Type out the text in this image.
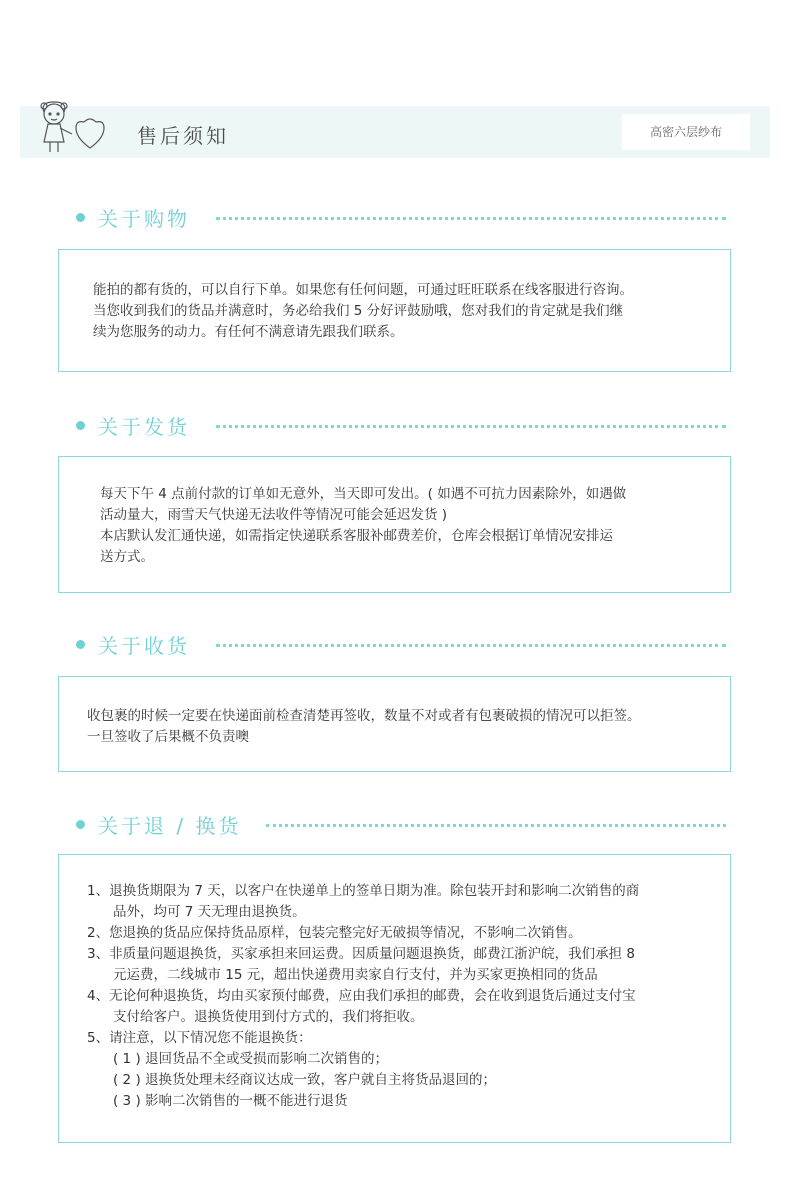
售后须知	高密六层纱布
关于购物

能拍的都有货的，可以自行下单。如果您有任何问题，可通过旺旺联系在线客服进行咨询。

当您收到我们的货品并满意时，务必给我们 5 分好评鼓励哦，您对我们的肯定就是我们继

续为您服务的动力。有任何不满意请先跟我们联系。

关于发货

每天下午 4 点前付款的订单如无意外，当天即可发出。( 如遇不可抗力因素除外，如遇做

活动量大，雨雪天气快递无法收件等情况可能会延迟发货 )

本店默认发汇通快递，如需指定快递联系客服补邮费差价，仓库会根据订单情况安排运

送方式。

关于收货

收包裹的时候一定要在快递面前检查清楚再签收，数量不对或者有包裹破损的情况可以拒签。

一旦签收了后果概不负责噢

关于退 / 换货

1、退换货期限为 7 天，以客户在快递单上的签单日期为准。除包装开封和影响二次销售的商

品外，均可 7 天无理由退换货。

2、您退换的货品应保持货品原样，包装完整完好无破损等情况，不影响二次销售。

3、非质量问题退换货，买家承担来回运费。因质量问题退换货，邮费江浙沪皖，我们承担 8

元运费，二线城市 15 元，超出快递费用卖家自行支付，并为买家更换相同的货品

4、无论何种退换货，均由买家预付邮费，应由我们承担的邮费，会在收到退货后通过支付宝

支付给客户。退换货使用到付方式的，我们将拒收。

5、请注意，以下情况您不能退换货：

( 1 ) 退回货品不全或受损而影响二次销售的；

( 2 ) 退换货处理未经商议达成一致，客户就自主将货品退回的；

( 3 ) 影响二次销售的一概不能进行退货
